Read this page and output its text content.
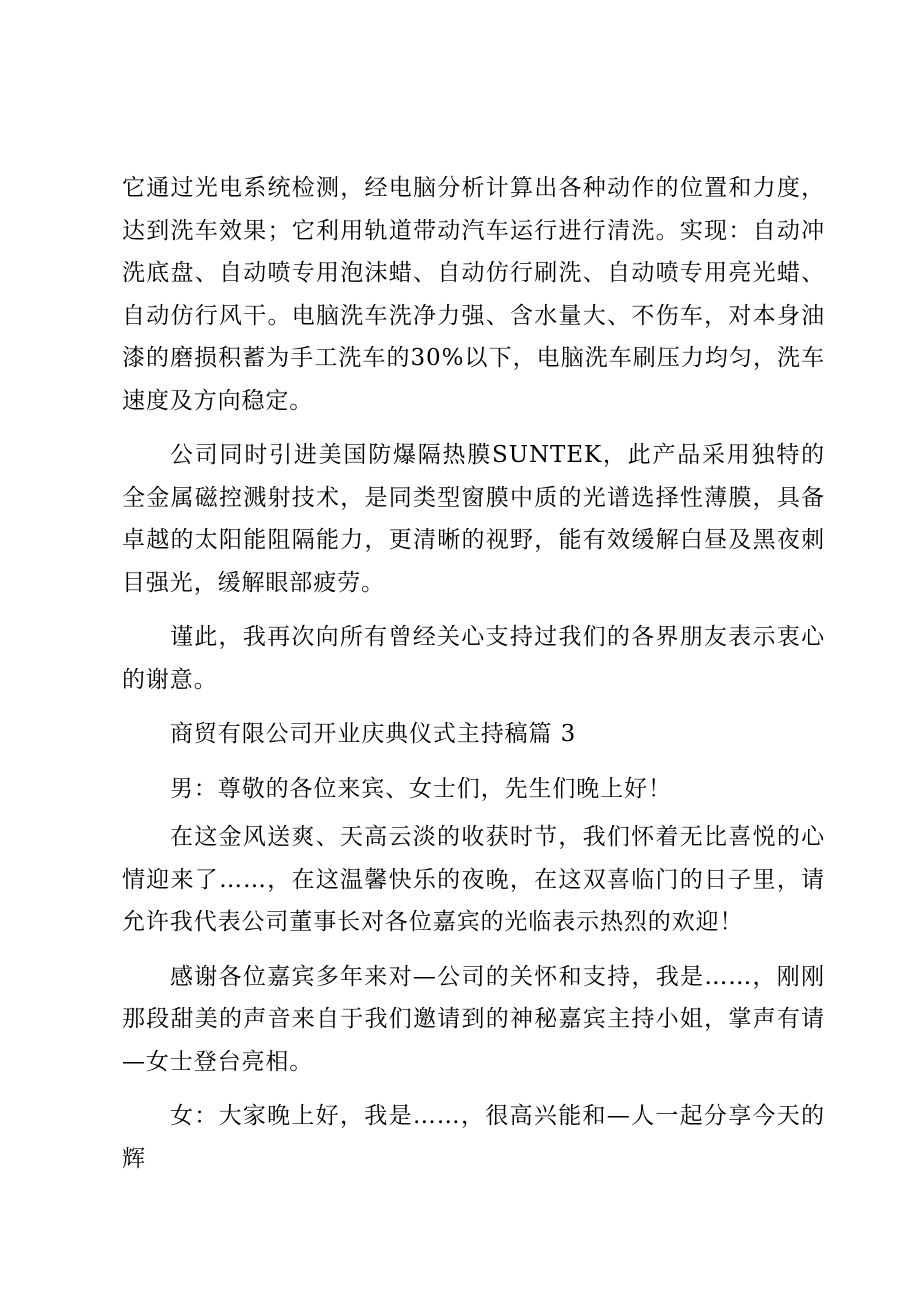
它通过光电系统检测，经电脑分析计算出各种动作的位置和力度，达到洗车效果；它利用轨道带动汽车运行进行清洗。实现：自动冲洗底盘、自动喷专用泡沫蜡、自动仿行刷洗、自动喷专用亮光蜡、自动仿行风干。电脑洗车洗净力强、含水量大、不伤车，对本身油漆的磨损积蓄为手工洗车的30%以下，电脑洗车刷压力均匀，洗车速度及方向稳定。

公司同时引进美国防爆隔热膜SUNTEK，此产品采用独特的全金属磁控溅射技术，是同类型窗膜中质的光谱选择性薄膜，具备卓越的太阳能阻隔能力，更清晰的视野，能有效缓解白昼及黑夜刺目强光，缓解眼部疲劳。

谨此，我再次向所有曾经关心支持过我们的各界朋友表示衷心的谢意。

商贸有限公司开业庆典仪式主持稿篇 3

男：尊敬的各位来宾、女士们，先生们晚上好！

在这金风送爽、天高云淡的收获时节，我们怀着无比喜悦的心情迎来了……，在这温馨快乐的夜晚，在这双喜临门的日子里，请允许我代表公司董事长对各位嘉宾的光临表示热烈的欢迎！

感谢各位嘉宾多年来对—公司的关怀和支持，我是……，刚刚那段甜美的声音来自于我们邀请到的神秘嘉宾主持小姐，掌声有请—女士登台亮相。

女：大家晚上好，我是……，很高兴能和—人一起分享今天的辉
